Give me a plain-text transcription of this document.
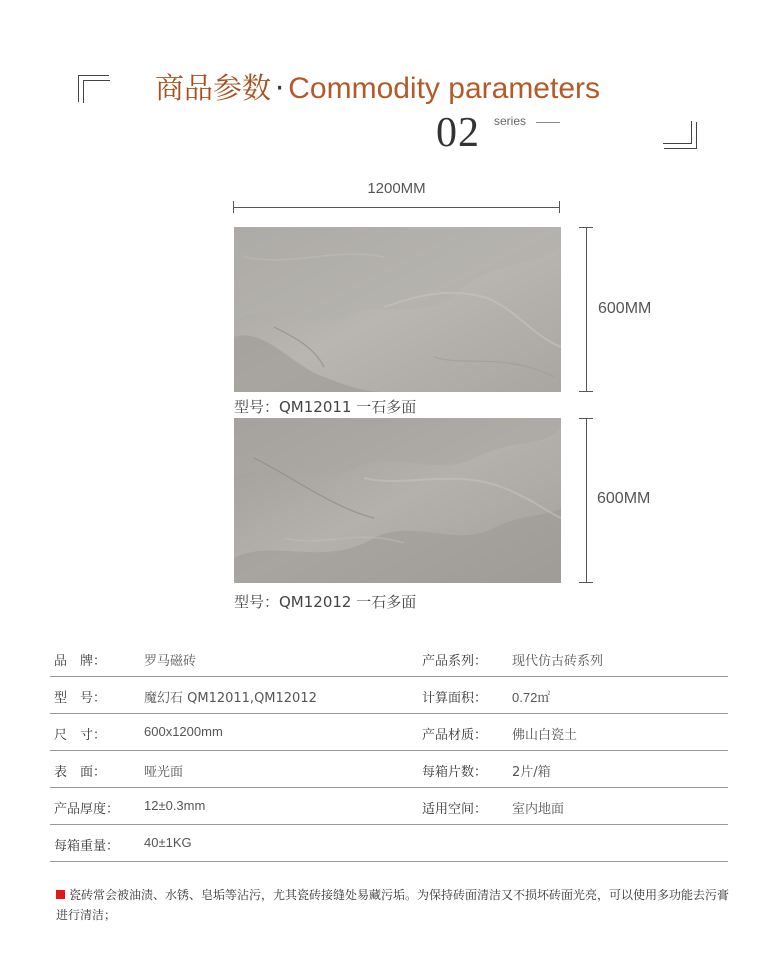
商品参数 · Commodity parameters
02 series
1200MM
600MM
型号：QM12011 一石多面
600MM
型号：QM12012 一石多面
品　牌：	罗马磁砖	产品系列： 现代仿古砖系列
型　号：	魔幻石 QM12011,QM12012	计算面积： 0.72㎡
尺　寸：	600x1200mm	产品材质： 佛山白瓷土
表　面：	哑光面	每箱片数： 2片/箱
产品厚度： 12±0.3mm	适用空间： 室内地面
每箱重量： 40±1KG
瓷砖常会被油渍、水锈、皂垢等沾污，尤其瓷砖接缝处易藏污垢。为保持砖面清洁又不损坏砖面光亮，可以使用多功能去污膏进行清洁；
